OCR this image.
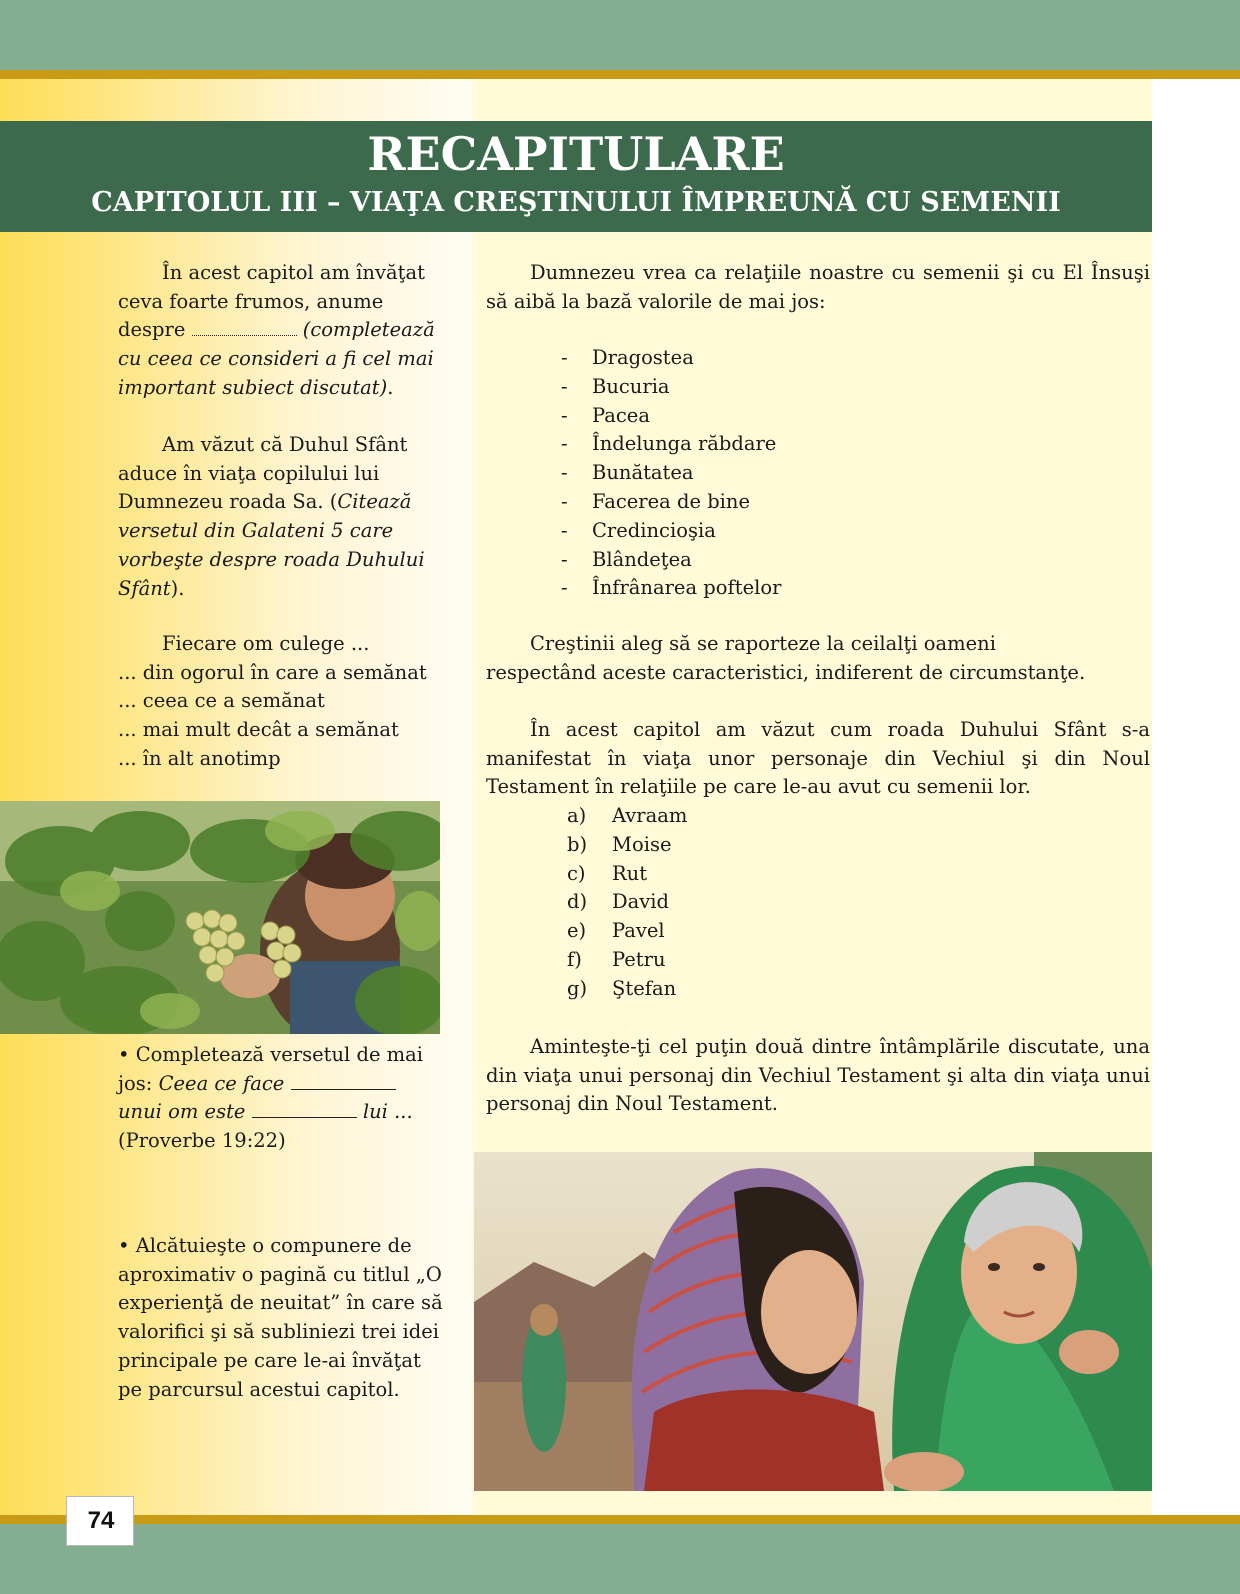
RECAPITULARE
CAPITOLUL III – VIAŢA CREŞTINULUI ÎMPREUNĂ CU SEMENII

În acest capitol am învăţat ceva foarte frumos, anume despre	(completează cu ceea ce consideri a fi cel mai important subiect discutat).

Am văzut că Duhul Sfânt aduce în viaţa copilului lui Dumnezeu roada Sa. (Citează versetul din Galateni 5 care vorbeşte despre roada Duhului Sfânt).

Fiecare om culege ...

... din ogorul în care a semănat

... ceea ce a semănat

... mai mult decât a semănat

... în alt anotimp

• Completează versetul de mai jos: Ceea ce face  unui om este	lui ...

(Proverbe 19:22)

• Alcătuieşte o compunere de aproximativ o pagină cu titlul „O experienţă de neuitat” în care să valorifici şi să subliniezi trei idei principale pe care le-ai învăţat pe parcursul acestui capitol.

Dumnezeu vrea ca relaţiile noastre cu semenii şi cu El Însuşi să aibă la bază valorile de mai jos:

-	Dragostea
-	Bucuria
-	Pacea
-	Îndelunga răbdare
-	Bunătatea
-	Facerea de bine
-	Credincioşia
-	Blândeţea
-	Înfrânarea poftelor

Creştinii aleg să se raporteze la ceilalţi oameni respectând aceste caracteristici, indiferent de circumstanţe.

În acest capitol am văzut cum roada Duhului Sfânt s-a manifestat în viaţa unor personaje din Vechiul şi din Noul Testament în relaţiile pe care le-au avut cu semenii lor.

a)	Avraam
b)	Moise
c)	Rut
d)	David
e)	Pavel
f)	Petru
g)	Ştefan

Aminteşte-ţi cel puţin două dintre întâmplările discutate, una din viaţa unui personaj din Vechiul Testament şi alta din viaţa unui personaj din Noul Testament.

74
